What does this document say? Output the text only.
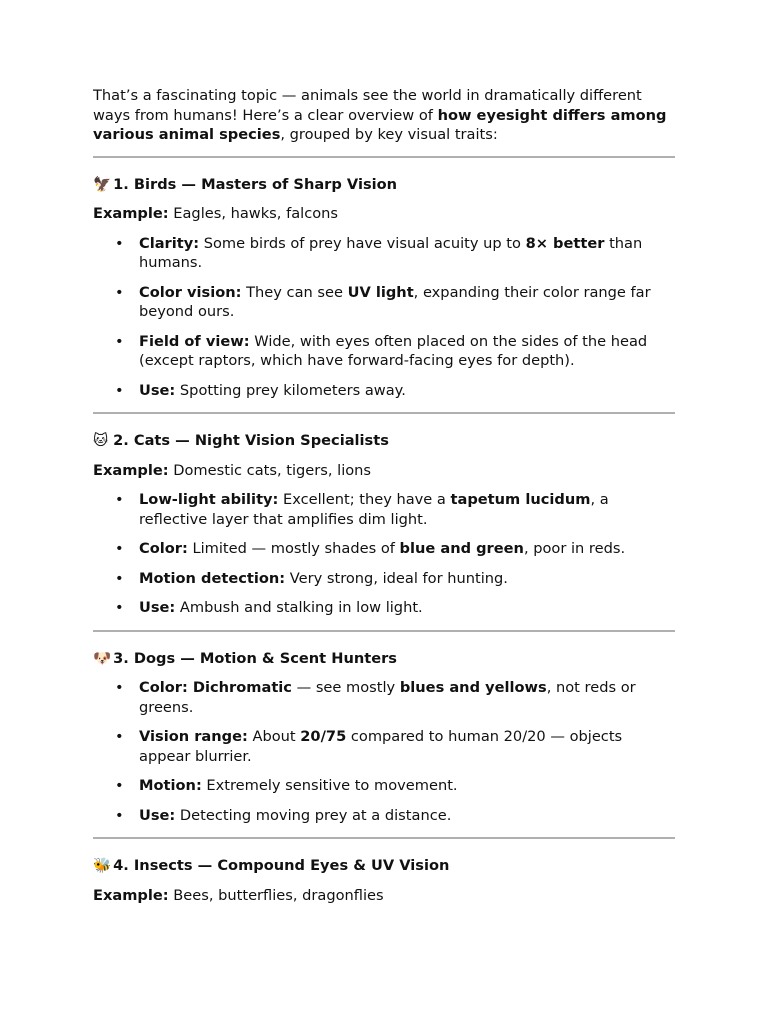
That’s a fascinating topic — animals see the world in dramatically different ways from humans! Here’s a clear overview of how eyesight differs among various animal species, grouped by key visual traits:

🦅 1. Birds — Masters of Sharp Vision

Example: Eagles, hawks, falcons

• Clarity: Some birds of prey have visual acuity up to 8× better than humans.
• Color vision: They can see UV light, expanding their color range far beyond ours.
• Field of view: Wide, with eyes often placed on the sides of the head (except raptors, which have forward-facing eyes for depth).
• Use: Spotting prey kilometers away.

🐱 2. Cats — Night Vision Specialists

Example: Domestic cats, tigers, lions

• Low-light ability: Excellent; they have a tapetum lucidum, a reflective layer that amplifies dim light.
• Color: Limited — mostly shades of blue and green, poor in reds.
• Motion detection: Very strong, ideal for hunting.
• Use: Ambush and stalking in low light.

🐶 3. Dogs — Motion & Scent Hunters

• Color: Dichromatic — see mostly blues and yellows, not reds or greens.
• Vision range: About 20/75 compared to human 20/20 — objects appear blurrier.
• Motion: Extremely sensitive to movement.
• Use: Detecting moving prey at a distance.

🐝 4. Insects — Compound Eyes & UV Vision

Example: Bees, butterflies, dragonflies
